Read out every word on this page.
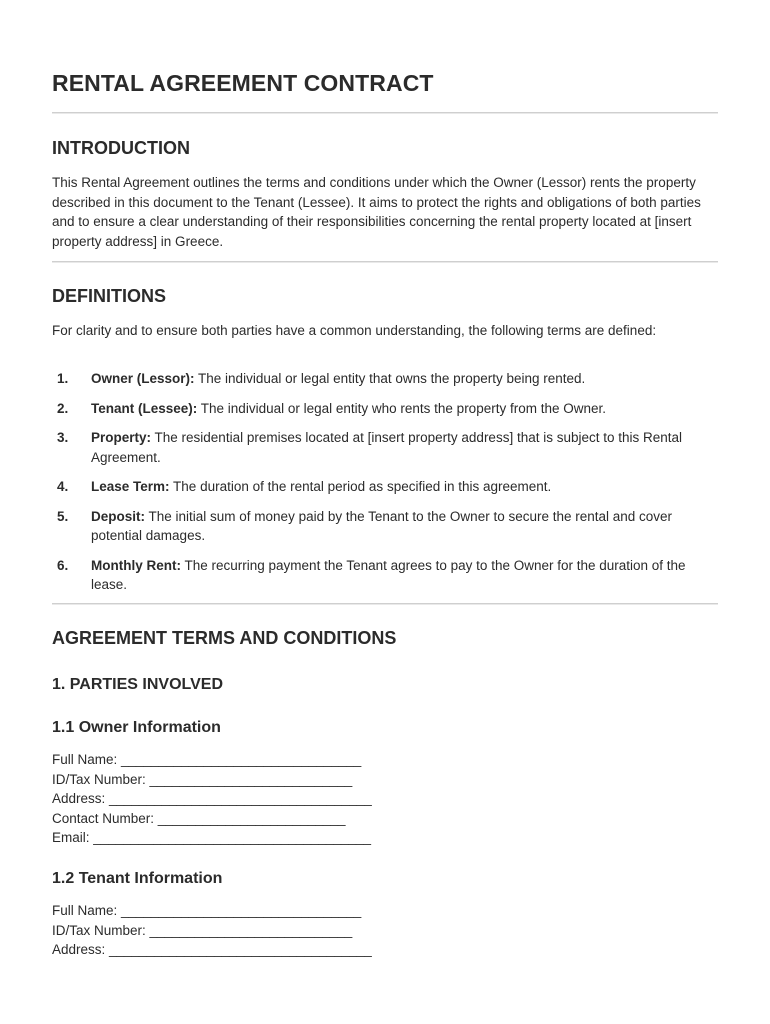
RENTAL AGREEMENT CONTRACT
INTRODUCTION

This Rental Agreement outlines the terms and conditions under which the Owner (Lessor) rents the property described in this document to the Tenant (Lessee). It aims to protect the rights and obligations of both parties and to ensure a clear understanding of their responsibilities concerning the rental property located at [insert property address] in Greece.

DEFINITIONS

For clarity and to ensure both parties have a common understanding, the following terms are defined:

1. Owner (Lessor): The individual or legal entity that owns the property being rented.
2. Tenant (Lessee): The individual or legal entity who rents the property from the Owner.
3. Property: The residential premises located at [insert property address] that is subject to this Rental Agreement.
4. Lease Term: The duration of the rental period as specified in this agreement.
5. Deposit: The initial sum of money paid by the Tenant to the Owner to secure the rental and cover potential damages.
6. Monthly Rent: The recurring payment the Tenant agrees to pay to the Owner for the duration of the lease.
AGREEMENT TERMS AND CONDITIONS
1. PARTIES INVOLVED
1.1 Owner Information
Full Name: ________________________________
ID/Tax Number: ___________________________
Address: ___________________________________
Contact Number: _________________________
Email: _____________________________________
1.2 Tenant Information
Full Name: ________________________________
ID/Tax Number: ___________________________
Address: ___________________________________
